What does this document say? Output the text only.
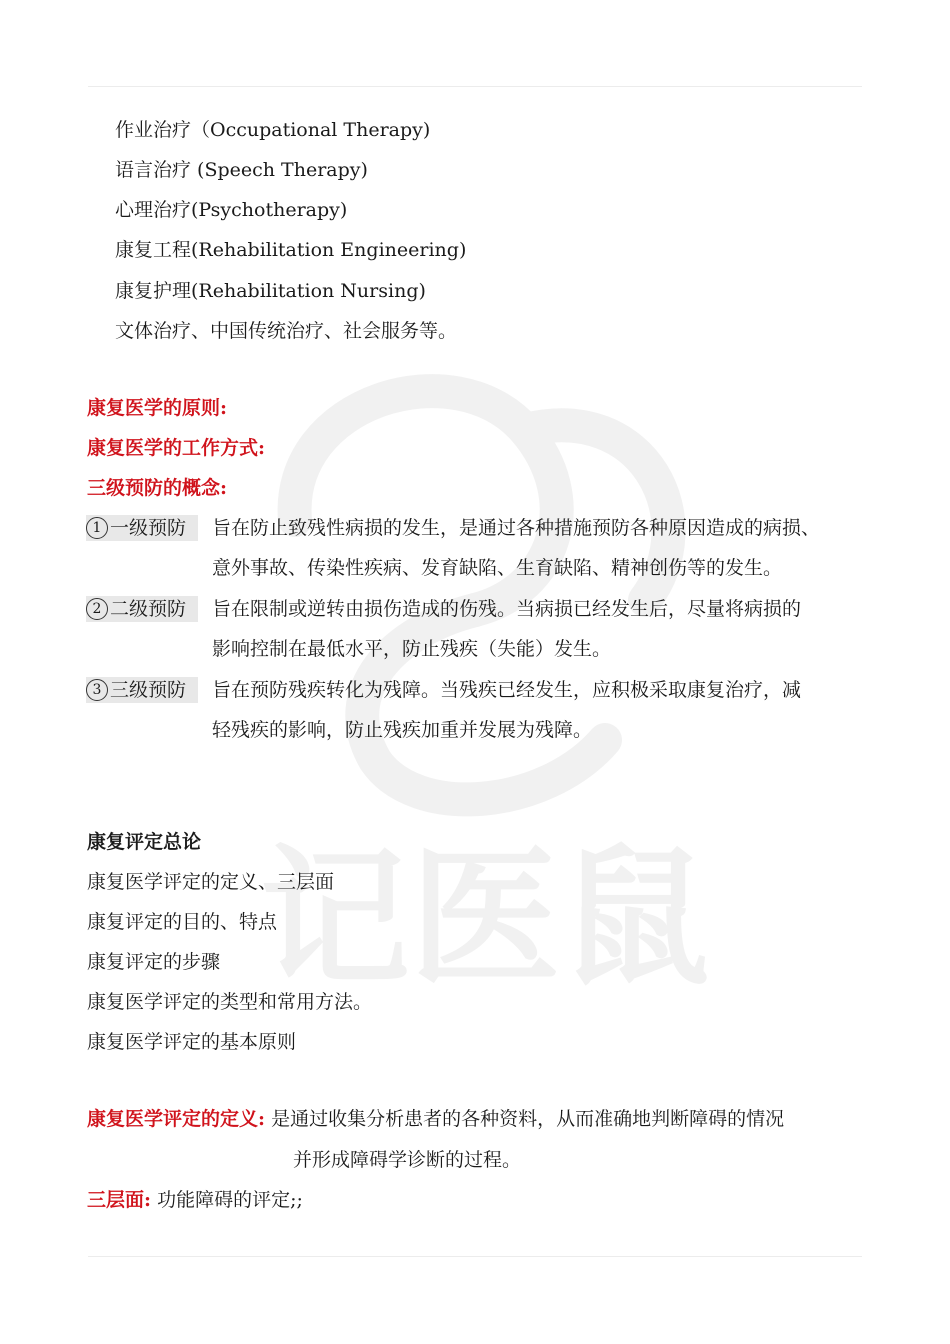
记医鼠
作业治疗（Occupational Therapy)
语言治疗 (Speech Therapy)
心理治疗(Psychotherapy)
康复工程(Rehabilitation Engineering)
康复护理(Rehabilitation Nursing)
文体治疗、中国传统治疗、社会服务等。
康复医学的原则:
康复医学的工作方式:
三级预防的概念:
1 一级预防	旨在防止致残性病损的发生，是通过各种措施预防各种原因造成的病损、
意外事故、传染性疾病、发育缺陷、生育缺陷、精神创伤等的发生。
2 二级预防	旨在限制或逆转由损伤造成的伤残。当病损已经发生后，尽量将病损的
影响控制在最低水平，防止残疾（失能）发生。
3 三级预防	旨在预防残疾转化为残障。当残疾已经发生，应积极采取康复治疗，减
轻残疾的影响，防止残疾加重并发展为残障。
康复评定总论
康复医学评定的定义、三层面
康复评定的目的、特点
康复评定的步骤
康复医学评定的类型和常用方法。
康复医学评定的基本原则
康复医学评定的定义: 是通过收集分析患者的各种资料，从而准确地判断障碍的情况
并形成障碍学诊断的过程。
三层面: 功能障碍的评定;;
